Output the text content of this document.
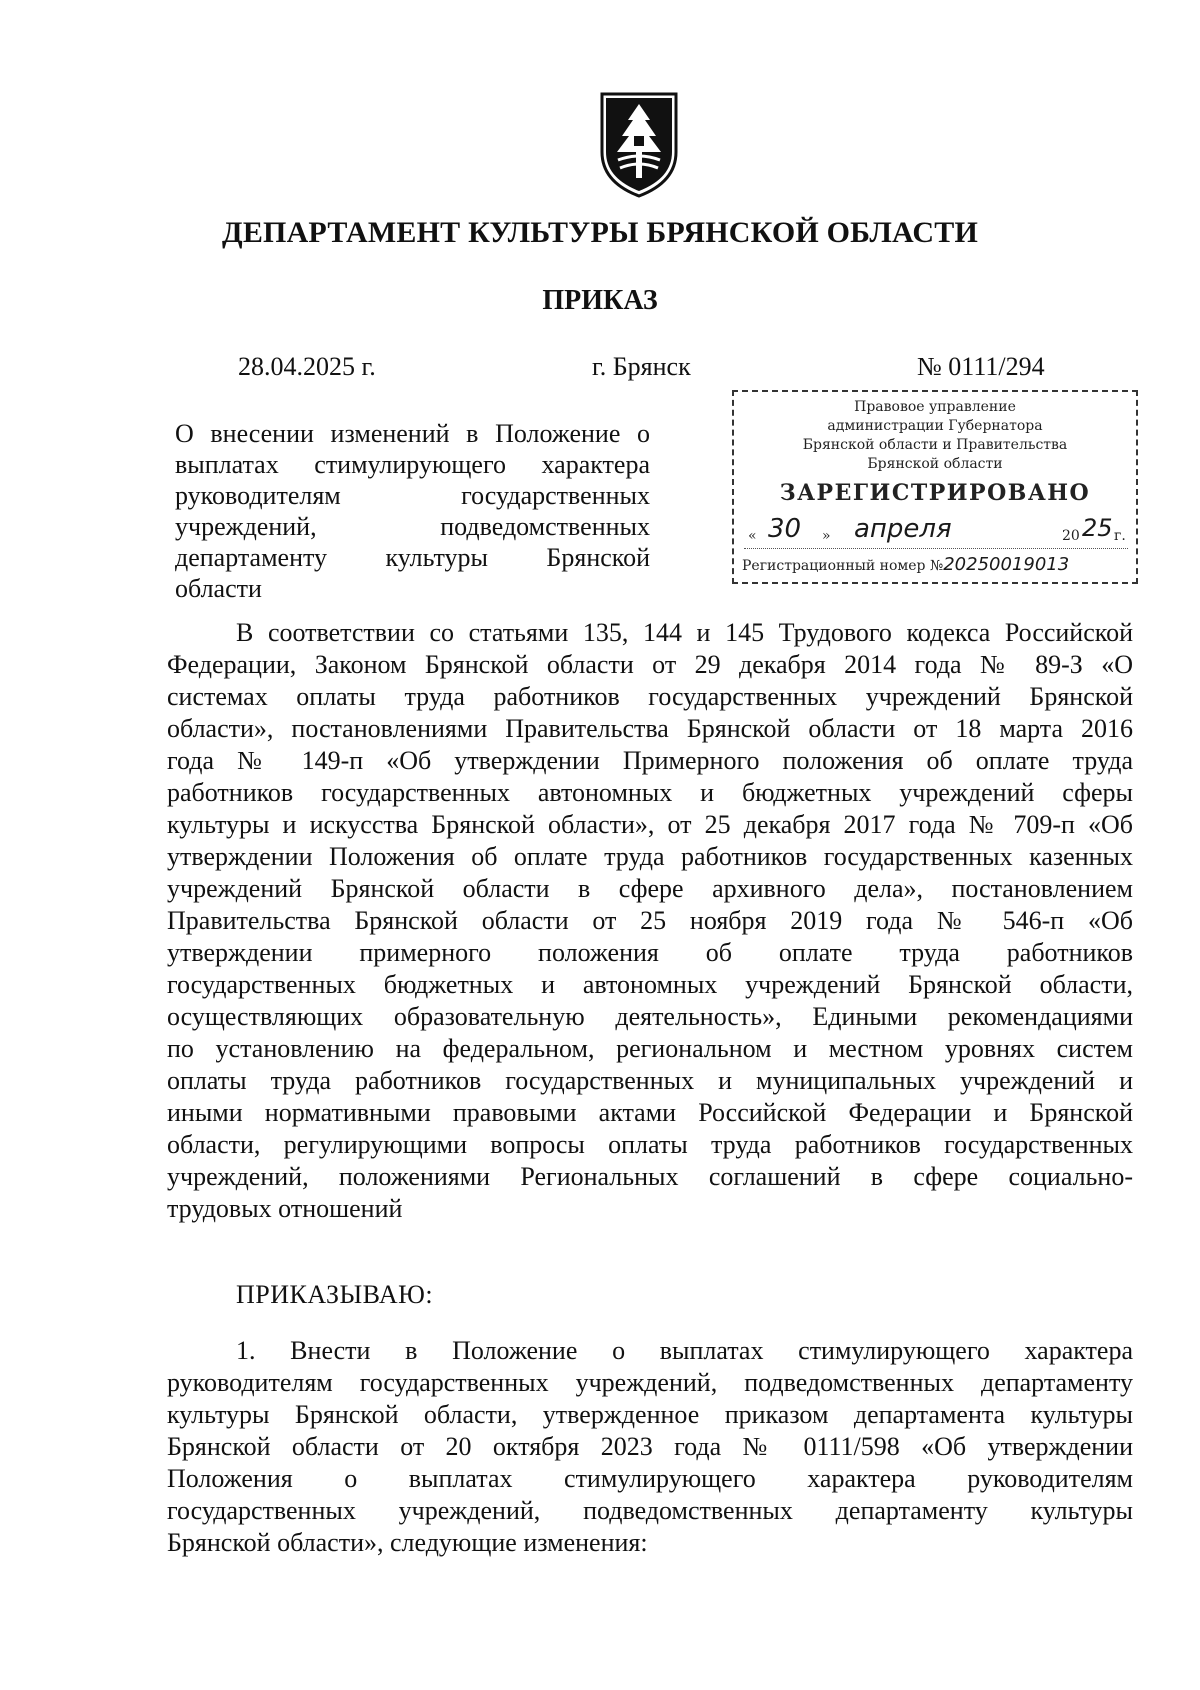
ДЕПАРТАМЕНТ КУЛЬТУРЫ БРЯНСКОЙ ОБЛАСТИ
ПРИКАЗ
28.04.2025 г.	г. Брянск	№ 0111/294
О внесении изменений в Положение о
выплатах стимулирующего характера
руководителям государственных
учреждений, подведомственных
департаменту культуры Брянской
области
Правовое управление
администрации Губернатора
Брянской области и Правительства
Брянской области
ЗАРЕГИСТРИРОВАНО
« 30 » апреля	20 25 г.
Регистрационный номер №20250019013
В соответствии со статьями 135, 144 и 145 Трудового кодекса Российской
Федерации, Законом Брянской области от 29 декабря 2014 года № 89-З «О
системах оплаты труда работников государственных учреждений Брянской
области», постановлениями Правительства Брянской области от 18 марта 2016
года № 149-п «Об утверждении Примерного положения об оплате труда
работников государственных автономных и бюджетных учреждений сферы
культуры и искусства Брянской области», от 25 декабря 2017 года № 709-п «Об
утверждении Положения об оплате труда работников государственных казенных
учреждений Брянской области в сфере архивного дела», постановлением
Правительства Брянской области от 25 ноября 2019 года № 546-п «Об
утверждении примерного положения об оплате труда работников
государственных бюджетных и автономных учреждений Брянской области,
осуществляющих образовательную деятельность», Едиными рекомендациями
по установлению на федеральном, региональном и местном уровнях систем
оплаты труда работников государственных и муниципальных учреждений и
иными нормативными правовыми актами Российской Федерации и Брянской
области, регулирующими вопросы оплаты труда работников государственных
учреждений, положениями Региональных соглашений в сфере социально-
трудовых отношений
ПРИКАЗЫВАЮ:
1. Внести в Положение о выплатах стимулирующего характера
руководителям государственных учреждений, подведомственных департаменту
культуры Брянской области, утвержденное приказом департамента культуры
Брянской области от 20 октября 2023 года № 0111/598 «Об утверждении
Положения о выплатах стимулирующего характера руководителям
государственных учреждений, подведомственных департаменту культуры
Брянской области», следующие изменения:
